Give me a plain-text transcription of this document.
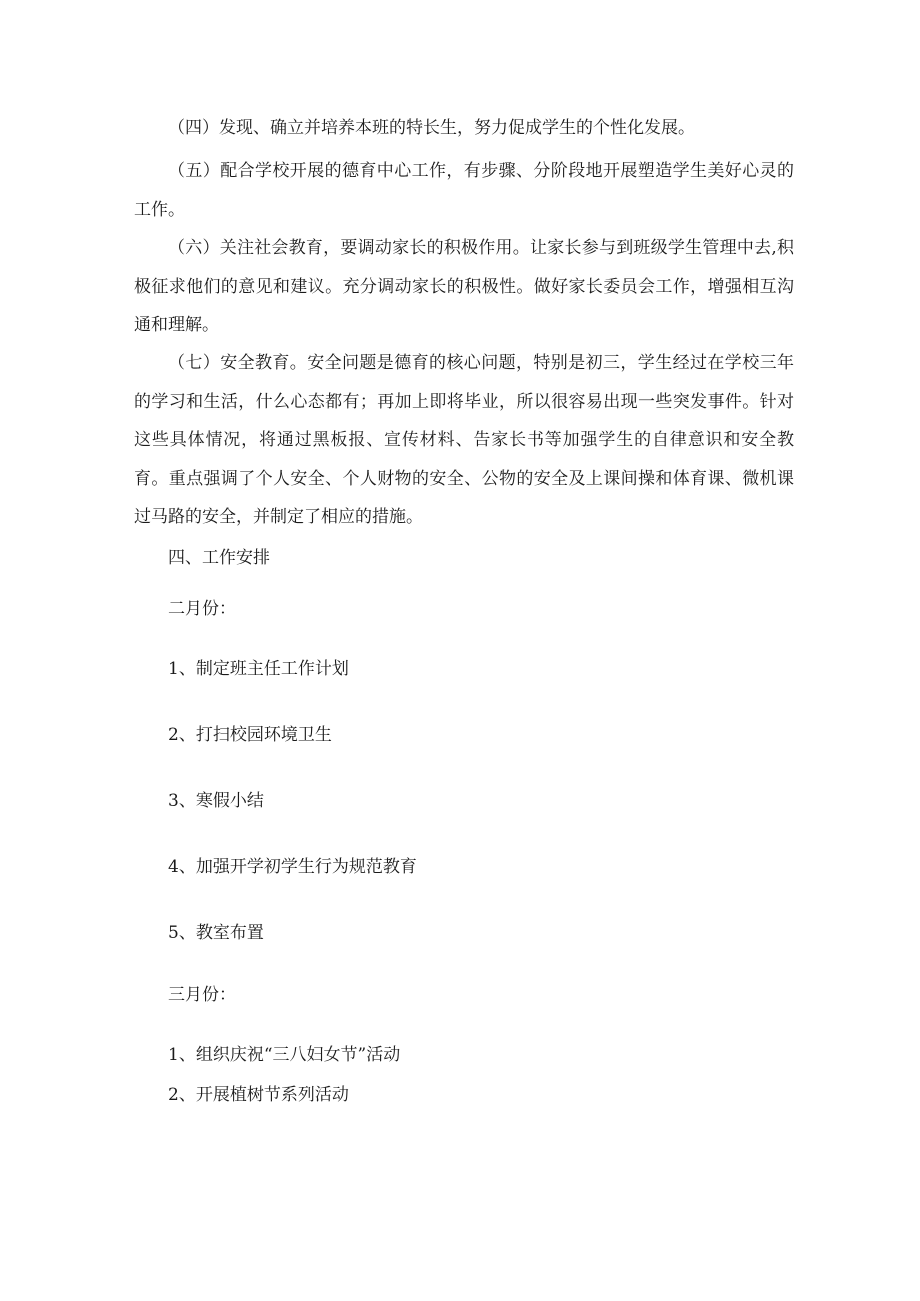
（四）发现、确立并培养本班的特长生，努力促成学生的个性化发展。

（五）配合学校开展的德育中心工作，有步骤、分阶段地开展塑造学生美好心灵的工作。

（六）关注社会教育，要调动家长的积极作用。让家长参与到班级学生管理中去,积极征求他们的意见和建议。充分调动家长的积极性。做好家长委员会工作，增强相互沟通和理解。

（七）安全教育。安全问题是德育的核心问题，特别是初三，学生经过在学校三年的学习和生活，什么心态都有；再加上即将毕业，所以很容易出现一些突发事件。针对这些具体情况，将通过黑板报、宣传材料、告家长书等加强学生的自律意识和安全教育。重点强调了个人安全、个人财物的安全、公物的安全及上课间操和体育课、微机课过马路的安全，并制定了相应的措施。

四、工作安排

二月份：

1、制定班主任工作计划

2、打扫校园环境卫生

3、寒假小结

4、加强开学初学生行为规范教育

5、教室布置

三月份：

1、组织庆祝“三八妇女节”活动

2、开展植树节系列活动
